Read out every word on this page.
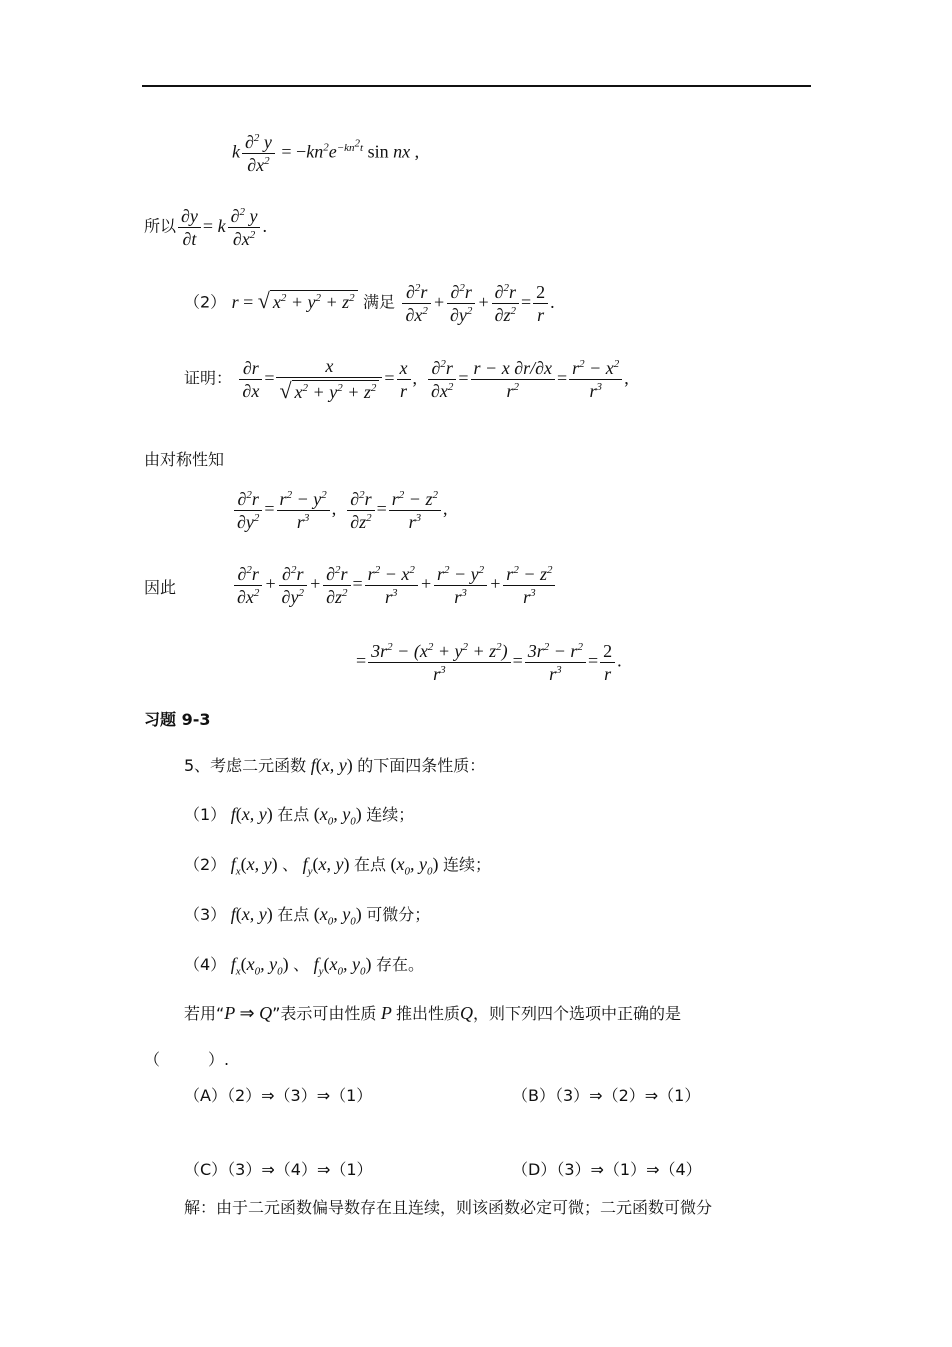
k $\frac{\partial^2 y}{\partial x^2} = -kn^2e^{-kn^2t}$ sin nx ,
所以 $\frac{\partial y}{\partial t} = k \frac{\partial^2 y}{\partial x^2}$ .
（2） r = √ $x^2 + y^2 + z^2$ 满足 $\frac{\partial^2r}{\partial x^2} + \frac{\partial^2r}{\partial y^2} + \frac{\partial^2r}{\partial z^2} = \frac{2}{r}$ .
证明： $\frac{\partial r}{\partial x} = \frac{x}{√ x^2 + y^2 + z^2} = \frac{x}{r}$ , $\frac{\partial^2r}{\partial x^2} = \frac{r - x \partial r/\partial x}{r^2} = \frac{r^2 - x^2}{r^3}$ ,
由对称性知
$\frac{\partial^2r}{\partial y^2} = \frac{r^2 - y^2}{r^3}$ , $\frac{\partial^2r}{\partial z^2} = \frac{r^2 - z^2}{r^3}$ ,
因此	$\frac{\partial^2r}{\partial x^2} + \frac{\partial^2r}{\partial y^2} + \frac{\partial^2r}{\partial z^2} = \frac{r^2 - x^2}{r^3} + \frac{r^2 - y^2}{r^3} + \frac{r^2 - z^2}{r^3}$
= $\frac{3r^2 - (x^2 + y^2 + z^2)}{r^3} = \frac{3r^2 - r^2}{r^3} = \frac{2}{r}$ .
习题 9-3
5、考虑二元函数 f(x, y) 的下面四条性质：
（1） f(x, y) 在点 ($x_0$, $y_0$) 连续；
（2） $f_x(x$, y) 、 $f_y(x$, y) 在点 ($x_0$, $y_0$) 连续；
（3） f(x, y) 在点 ($x_0$, $y_0$) 可微分；
（4） $f_x(x_0$, $y_0$) 、 $f_y(x_0$, $y_0$) 存在。
若用“P ⇒ Q”表示可由性质 P 推出性质Q，则下列四个选项中正确的是
（　　　）.
（A）（2）⇒（3）⇒（1）	（B）（3）⇒（2）⇒（1）
（C）（3）⇒（4）⇒（1）	（D）（3）⇒（1）⇒（4）
解：由于二元函数偏导数存在且连续，则该函数必定可微；二元函数可微分
